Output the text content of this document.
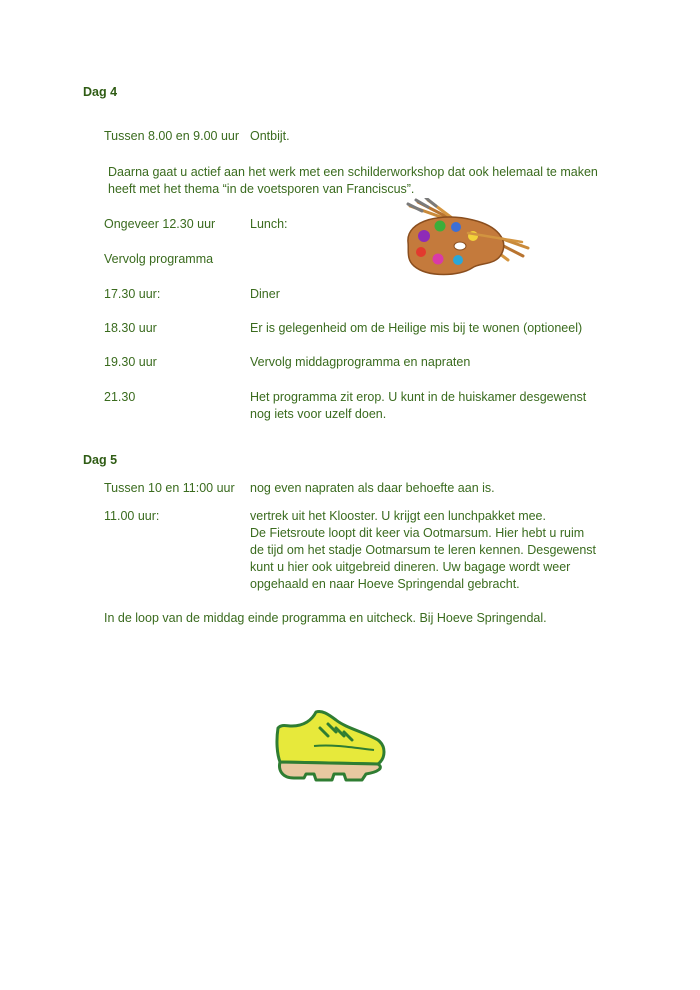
Dag 4
Tussen 8.00 en 9.00 uur Ontbijt.
Daarna gaat u actief aan het werk met een schilderworkshop dat ook helemaal te maken
heeft met het thema “in de voetsporen van Franciscus”.
Ongeveer 12.30 uur	Lunch:
Vervolg programma
17.30 uur:	Diner
18.30 uur	Er is gelegenheid om de Heilige mis bij te wonen (optioneel)
19.30 uur	Vervolg middagprogramma en napraten
21.30	Het programma zit erop. U kunt in de huiskamer desgewenst
nog iets voor uzelf doen.
Dag 5
Tussen 10 en 11:00 uur nog even napraten als daar behoefte aan is.
11.00 uur:	vertrek uit het Klooster. U krijgt een lunchpakket mee.
De Fietsroute loopt dit keer via Ootmarsum. Hier hebt u ruim
de tijd om het stadje Ootmarsum te leren kennen. Desgewenst
kunt u hier ook uitgebreid dineren. Uw bagage wordt weer
opgehaald en naar Hoeve Springendal gebracht.
In de loop van de middag einde programma en uitcheck. Bij Hoeve Springendal.
